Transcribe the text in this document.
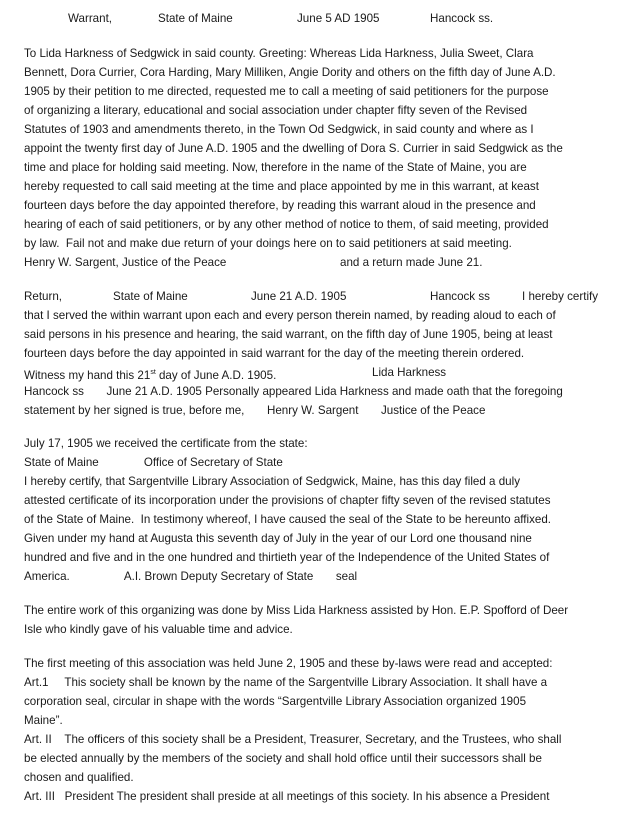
Warrant,	State of Maine	June 5 AD 1905	Hancock ss.
To Lida Harkness of Sedgwick in said county. Greeting: Whereas Lida Harkness, Julia Sweet, Clara
Bennett, Dora Currier, Cora Harding, Mary Milliken, Angie Dority and others on the fifth day of June A.D.
1905 by their petition to me directed, requested me to call a meeting of said petitioners for the purpose
of organizing a literary, educational and social association under chapter fifty seven of the Revised
Statutes of 1903 and amendments thereto, in the Town Od Sedgwick, in said county and where as I
appoint the twenty first day of June A.D. 1905 and the dwelling of Dora S. Currier in said Sedgwick as the
time and place for holding said meeting. Now, therefore in the name of the State of Maine, you are
hereby requested to call said meeting at the time and place appointed by me in this warrant, at keast
fourteen days before the day appointed therefore, by reading this warrant aloud in the presence and
hearing of each of said petitioners, or by any other method of notice to them, of said meeting, provided
by law.  Fail not and make due return of your doings here on to said petitioners at said meeting.
Henry W. Sargent, Justice of the Peace	and a return made June 21.
Return,	State of Maine	June 21 A.D. 1905	Hancock ss	I hereby certify
that I served the within warrant upon each and every person therein named, by reading aloud to each of
said persons in his presence and hearing, the said warrant, on the fifth day of June 1905, being at least
fourteen days before the day appointed in said warrant for the day of the meeting therein ordered.
Witness my hand this 21st day of June A.D. 1905.	Lida Harkness
Hancock ss       June 21 A.D. 1905 Personally appeared Lida Harkness and made oath that the foregoing
statement by her signed is true, before me,       Henry W. Sargent       Justice of the Peace
July 17, 1905 we received the certificate from the state:
State of Maine              Office of Secretary of State
I hereby certify, that Sargentville Library Association of Sedgwick, Maine, has this day filed a duly
attested certificate of its incorporation under the provisions of chapter fifty seven of the revised statutes
of the State of Maine.  In testimony whereof, I have caused the seal of the State to be hereunto affixed.
Given under my hand at Augusta this seventh day of July in the year of our Lord one thousand nine
hundred and five and in the one hundred and thirtieth year of the Independence of the United States of
America.                 A.I. Brown Deputy Secretary of State       seal
The entire work of this organizing was done by Miss Lida Harkness assisted by Hon. E.P. Spofford of Deer
Isle who kindly gave of his valuable time and advice.
The first meeting of this association was held June 2, 1905 and these by-laws were read and accepted:
Art.1     This society shall be known by the name of the Sargentville Library Association. It shall have a
corporation seal, circular in shape with the words “Sargentville Library Association organized 1905
Maine”.
Art. II    The officers of this society shall be a President, Treasurer, Secretary, and the Trustees, who shall
be elected annually by the members of the society and shall hold office until their successors shall be
chosen and qualified.
Art. III   President The president shall preside at all meetings of this society. In his absence a President
